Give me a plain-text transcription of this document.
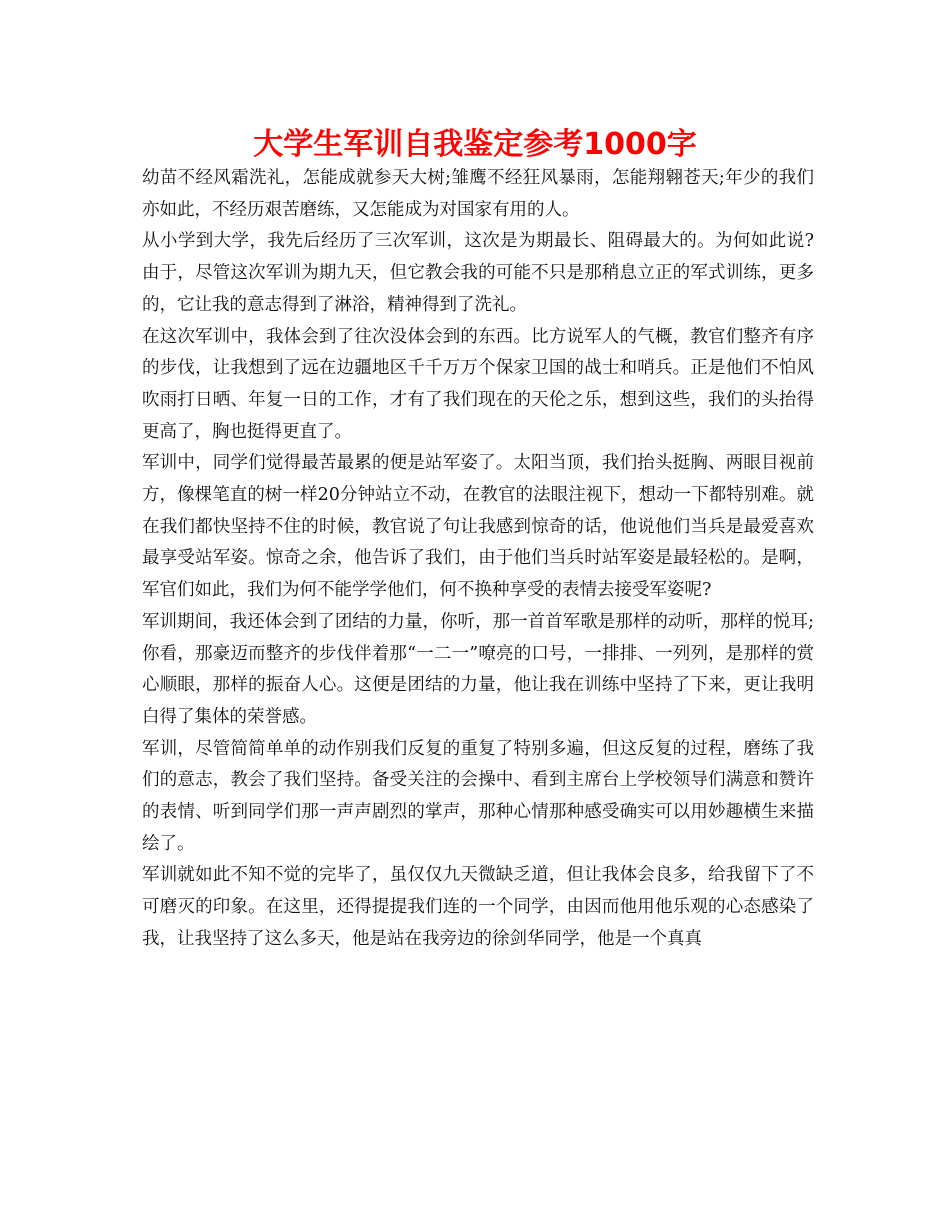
大学生军训自我鉴定参考1000字

幼苗不经风霜洗礼，怎能成就参天大树;雏鹰不经狂风暴雨，怎能翔翱苍天;年少的我们亦如此，不经历艰苦磨练，又怎能成为对国家有用的人。

从小学到大学，我先后经历了三次军训，这次是为期最长、阻碍最大的。为何如此说?由于，尽管这次军训为期九天，但它教会我的可能不只是那稍息立正的军式训练，更多的，它让我的意志得到了淋浴，精神得到了洗礼。

在这次军训中，我体会到了往次没体会到的东西。比方说军人的气概，教官们整齐有序的步伐，让我想到了远在边疆地区千千万万个保家卫国的战士和哨兵。正是他们不怕风吹雨打日晒、年复一日的工作，才有了我们现在的天伦之乐，想到这些，我们的头抬得更高了，胸也挺得更直了。

军训中，同学们觉得最苦最累的便是站军姿了。太阳当顶，我们抬头挺胸、两眼目视前方，像棵笔直的树一样20分钟站立不动，在教官的法眼注视下，想动一下都特别难。就在我们都快坚持不住的时候，教官说了句让我感到惊奇的话，他说他们当兵是最爱喜欢最享受站军姿。惊奇之余，他告诉了我们，由于他们当兵时站军姿是最轻松的。是啊，军官们如此，我们为何不能学学他们，何不换种享受的表情去接受军姿呢?

军训期间，我还体会到了团结的力量，你听，那一首首军歌是那样的动听，那样的悦耳;你看，那豪迈而整齐的步伐伴着那“一二一”嘹亮的口号，一排排、一列列，是那样的赏心顺眼，那样的振奋人心。这便是团结的力量，他让我在训练中坚持了下来，更让我明白得了集体的荣誉感。

军训，尽管简简单单的动作别我们反复的重复了特别多遍，但这反复的过程，磨练了我们的意志，教会了我们坚持。备受关注的会操中、看到主席台上学校领导们满意和赞许的表情、听到同学们那一声声剧烈的掌声，那种心情那种感受确实可以用妙趣横生来描绘了。

军训就如此不知不觉的完毕了，虽仅仅九天微缺乏道，但让我体会良多，给我留下了不可磨灭的印象。在这里，还得提提我们连的一个同学，由因而他用他乐观的心态感染了我，让我坚持了这么多天，他是站在我旁边的徐剑华同学，他是一个真真
